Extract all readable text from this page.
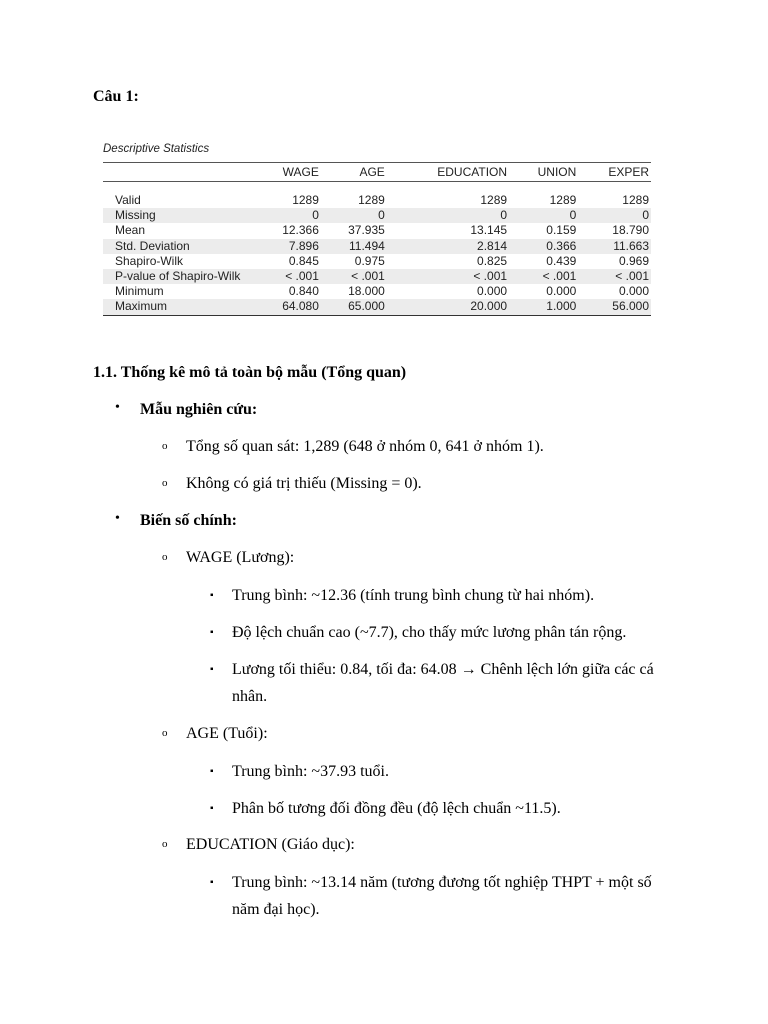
Câu 1:
Descriptive Statistics
	WAGE	AGE	EDUCATION	UNION	EXPER

Valid	1289	1289	1289	1289	1289
Missing	0	0	0	0	0
Mean	12.366	37.935	13.145	0.159	18.790
Std. Deviation	7.896	11.494	2.814	0.366	11.663
Shapiro-Wilk	0.845	0.975	0.825	0.439	0.969
P-value of Shapiro-Wilk	< .001	< .001	< .001	< .001	< .001
Minimum	0.840	18.000	0.000	0.000	0.000
Maximum	64.080	65.000	20.000	1.000	56.000
1.1. Thống kê mô tả toàn bộ mẫu (Tổng quan)
• Mẫu nghiên cứu:
o Tổng số quan sát: 1,289 (648 ở nhóm 0, 641 ở nhóm 1).
o Không có giá trị thiếu (Missing = 0).
• Biến số chính:
o WAGE (Lương):
▪ Trung bình: ~12.36 (tính trung bình chung từ hai nhóm).
▪ Độ lệch chuẩn cao (~7.7), cho thấy mức lương phân tán rộng.
▪ Lương tối thiểu: 0.84, tối đa: 64.08 → Chênh lệch lớn giữa các cá nhân.
o AGE (Tuổi):
▪ Trung bình: ~37.93 tuổi.
▪ Phân bố tương đối đồng đều (độ lệch chuẩn ~11.5).
o EDUCATION (Giáo dục):
▪ Trung bình: ~13.14 năm (tương đương tốt nghiệp THPT + một số năm đại học).
